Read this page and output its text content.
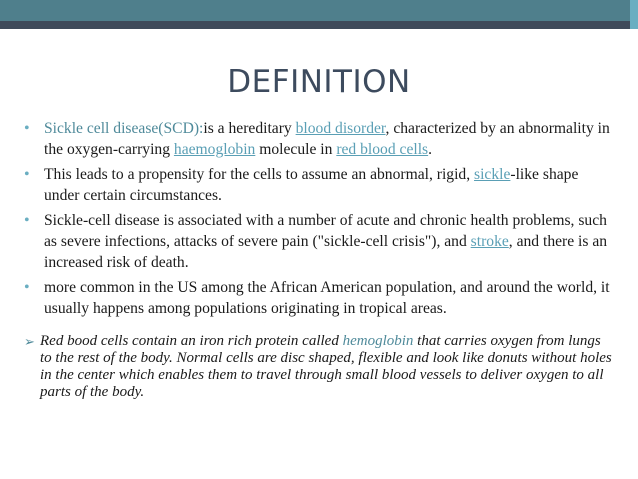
DEFINITION
• Sickle cell disease(SCD):is a hereditary blood disorder, characterized by an abnormality in the oxygen-carrying haemoglobin molecule in red blood cells.
• This leads to a propensity for the cells to assume an abnormal, rigid, sickle-like shape under certain circumstances.
• Sickle-cell disease is associated with a number of acute and chronic health problems, such as severe infections, attacks of severe pain ("sickle-cell crisis"), and stroke, and there is an increased risk of death.
• more common in the US among the African American population, and around the world, it usually happens among populations originating in tropical areas.
➢ Red bood cells contain an iron rich protein called hemoglobin that carries oxygen from lungs to the rest of the body. Normal cells are disc shaped, flexible and look like donuts without holes in the center which enables them to travel through small blood vessels to deliver oxygen to all parts of the body.
